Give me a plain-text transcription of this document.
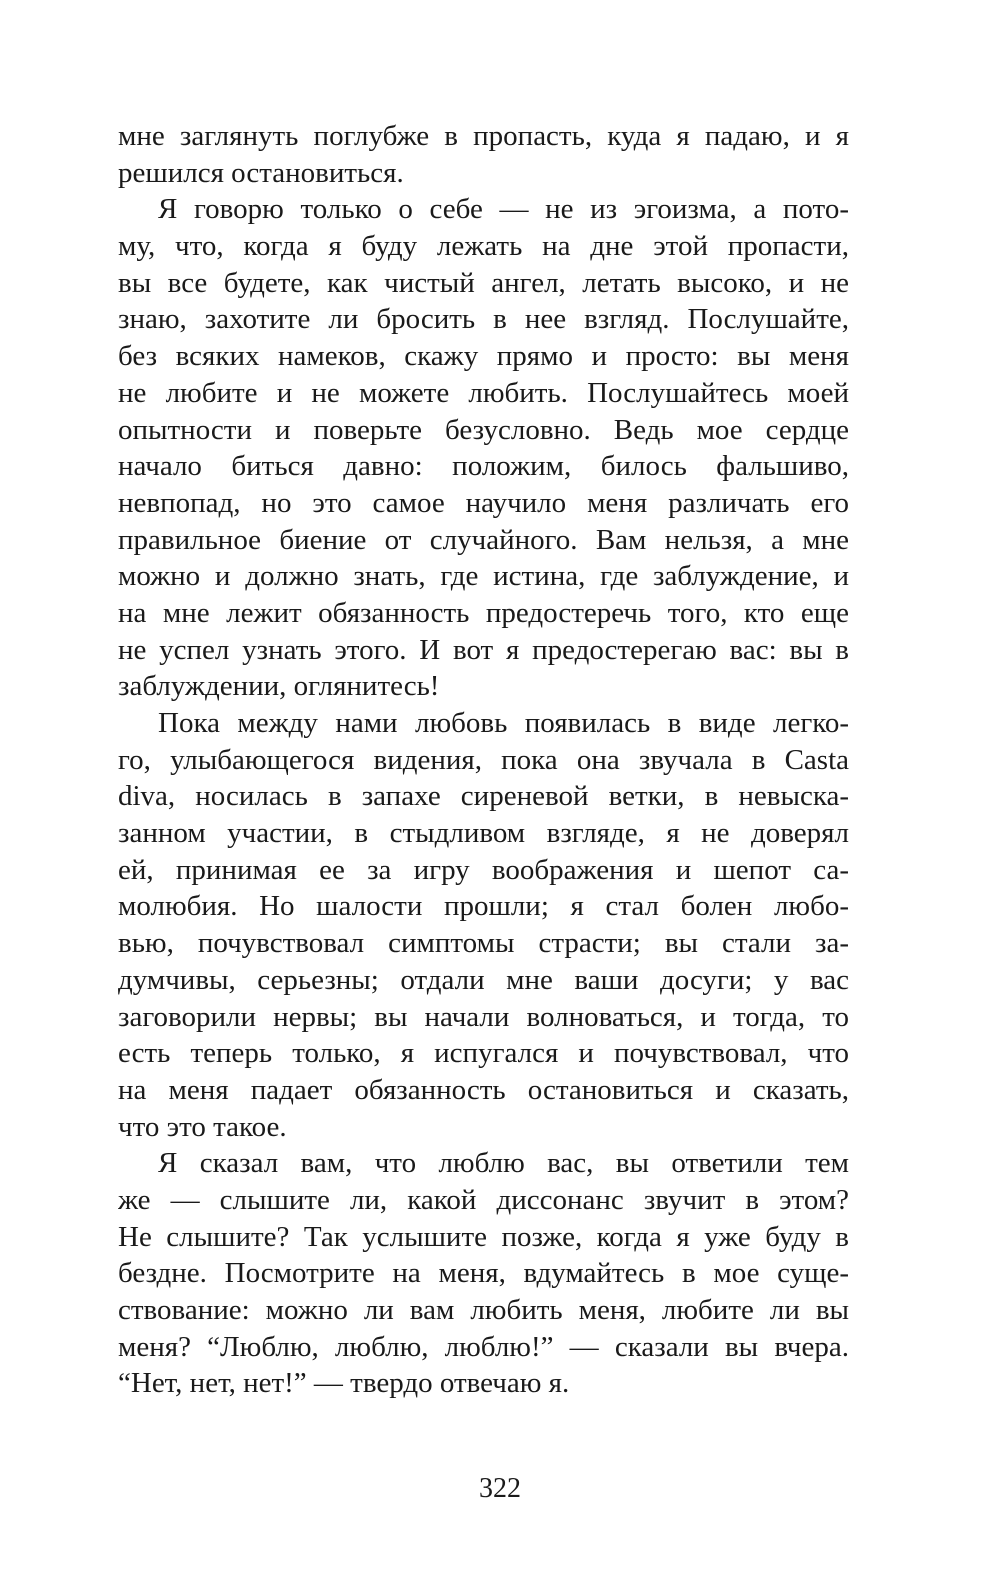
мне заглянуть поглубже в пропасть, куда я падаю, и я
решился остановиться.
Я говорю только о себе — не из эгоизма, а пото-
му, что, когда я буду лежать на дне этой пропасти,
вы все будете, как чистый ангел, летать высоко, и не
знаю, захотите ли бросить в нее взгляд. Послушайте,
без всяких намеков, скажу прямо и просто: вы меня
не любите и не можете любить. Послушайтесь моей
опытности и поверьте безусловно. Ведь мое сердце
начало биться давно: положим, билось фальшиво,
невпопад, но это самое научило меня различать его
правильное биение от случайного. Вам нельзя, а мне
можно и должно знать, где истина, где заблуждение, и
на мне лежит обязанность предостеречь того, кто еще
не успел узнать этого. И вот я предостерегаю вас: вы в
заблуждении, оглянитесь!
Пока между нами любовь появилась в виде легко-
го, улыбающегося видения, пока она звучала в Casta
diva, носилась в запахе сиреневой ветки, в невыска-
занном участии, в стыдливом взгляде, я не доверял
ей, принимая ее за игру воображения и шепот са-
молюбия. Но шалости прошли; я стал болен любо-
вью, почувствовал симптомы страсти; вы стали за-
думчивы, серьезны; отдали мне ваши досуги; у вас
заговорили нервы; вы начали волноваться, и тогда, то
есть теперь только, я испугался и почувствовал, что
на меня падает обязанность остановиться и сказать,
что это такое.
Я сказал вам, что люблю вас, вы ответили тем
же — слышите ли, какой диссонанс звучит в этом?
Не слышите? Так услышите позже, когда я уже буду в
бездне. Посмотрите на меня, вдумайтесь в мое суще-
ствование: можно ли вам любить меня, любите ли вы
меня? “Люблю, люблю, люблю!” — сказали вы вчера.
“Нет, нет, нет!” — твердо отвечаю я.
322
